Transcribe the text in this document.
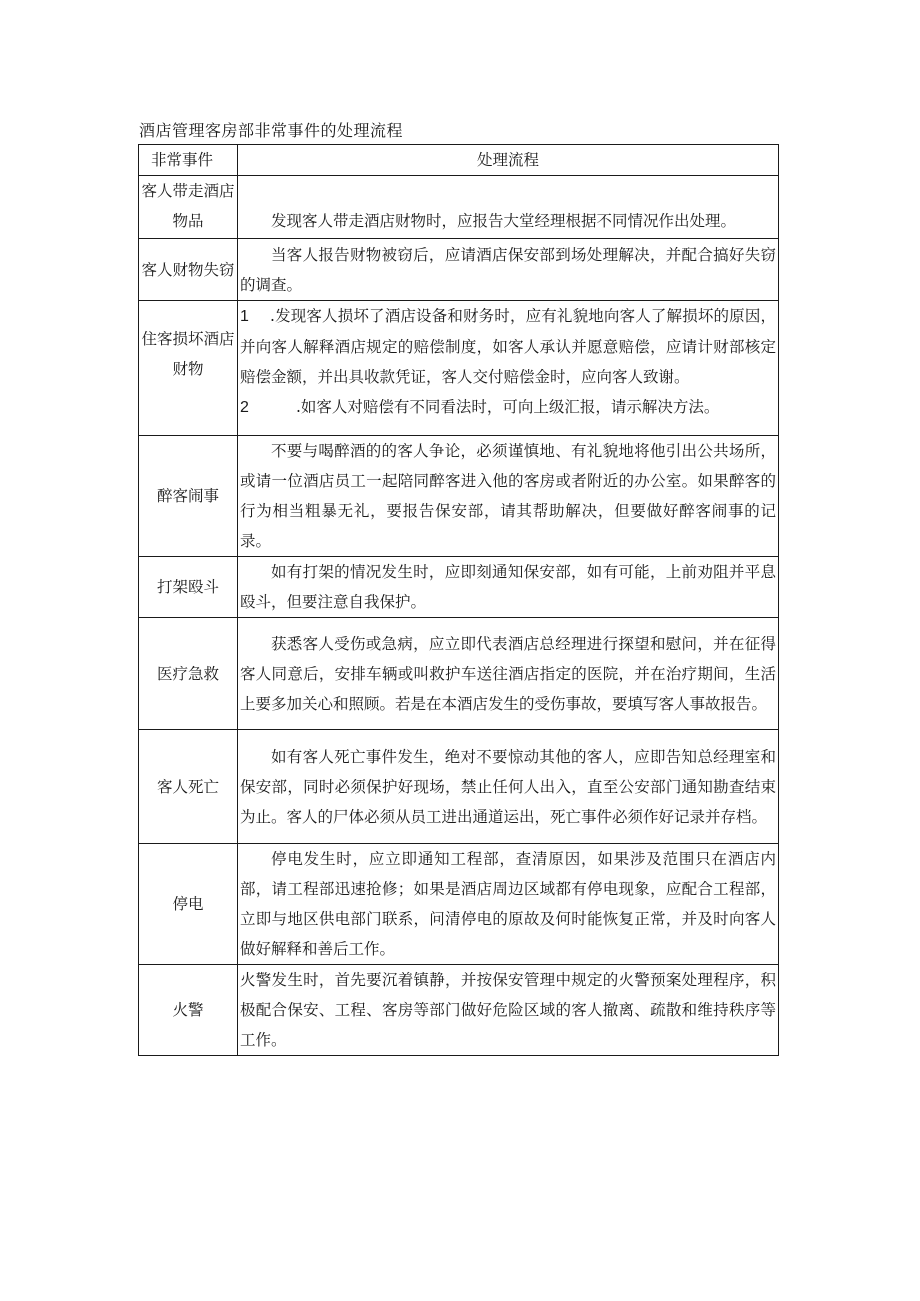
酒店管理客房部非常事件的处理流程
非常事件	处理流程
客人带走酒店物品	发现客人带走酒店财物时，应报告大堂经理根据不同情况作出处理。

客人财物失窃	当客人报告财物被窃后，应请酒店保安部到场处理解决，并配合搞好失窃的调查。

住客损坏酒店财物	1 .发现客人损坏了酒店设备和财务时，应有礼貌地向客人了解损坏的原因，并向客人解释酒店规定的赔偿制度，如客人承认并愿意赔偿，应请计财部核定赔偿金额，并出具收款凭证，客人交付赔偿金时，应向客人致谢。

2 .如客人对赔偿有不同看法时，可向上级汇报，请示解决方法。

醉客闹事	不要与喝醉酒的的客人争论，必须谨慎地、有礼貌地将他引出公共场所，或请一位酒店员工一起陪同醉客进入他的客房或者附近的办公室。如果醉客的行为相当粗暴无礼，要报告保安部，请其帮助解决，但要做好醉客闹事的记录。

打架殴斗	如有打架的情况发生时，应即刻通知保安部，如有可能，上前劝阻并平息殴斗，但要注意自我保护。

医疗急救	获悉客人受伤或急病，应立即代表酒店总经理进行探望和慰问，并在征得客人同意后，安排车辆或叫救护车送往酒店指定的医院，并在治疗期间，生活上要多加关心和照顾。若是在本酒店发生的受伤事故，要填写客人事故报告。

客人死亡	如有客人死亡事件发生，绝对不要惊动其他的客人，应即告知总经理室和保安部，同时必须保护好现场，禁止任何人出入，直至公安部门通知勘查结束为止。客人的尸体必须从员工进出通道运出，死亡事件必须作好记录并存档。

停电	停电发生时，应立即通知工程部，查清原因，如果涉及范围只在酒店内部，请工程部迅速抢修；如果是酒店周边区域都有停电现象，应配合工程部，立即与地区供电部门联系，问清停电的原故及何时能恢复正常，并及时向客人做好解释和善后工作。

火警	火警发生时，首先要沉着镇静，并按保安管理中规定的火警预案处理程序，积极配合保安、工程、客房等部门做好危险区域的客人撤离、疏散和维持秩序等工作。
